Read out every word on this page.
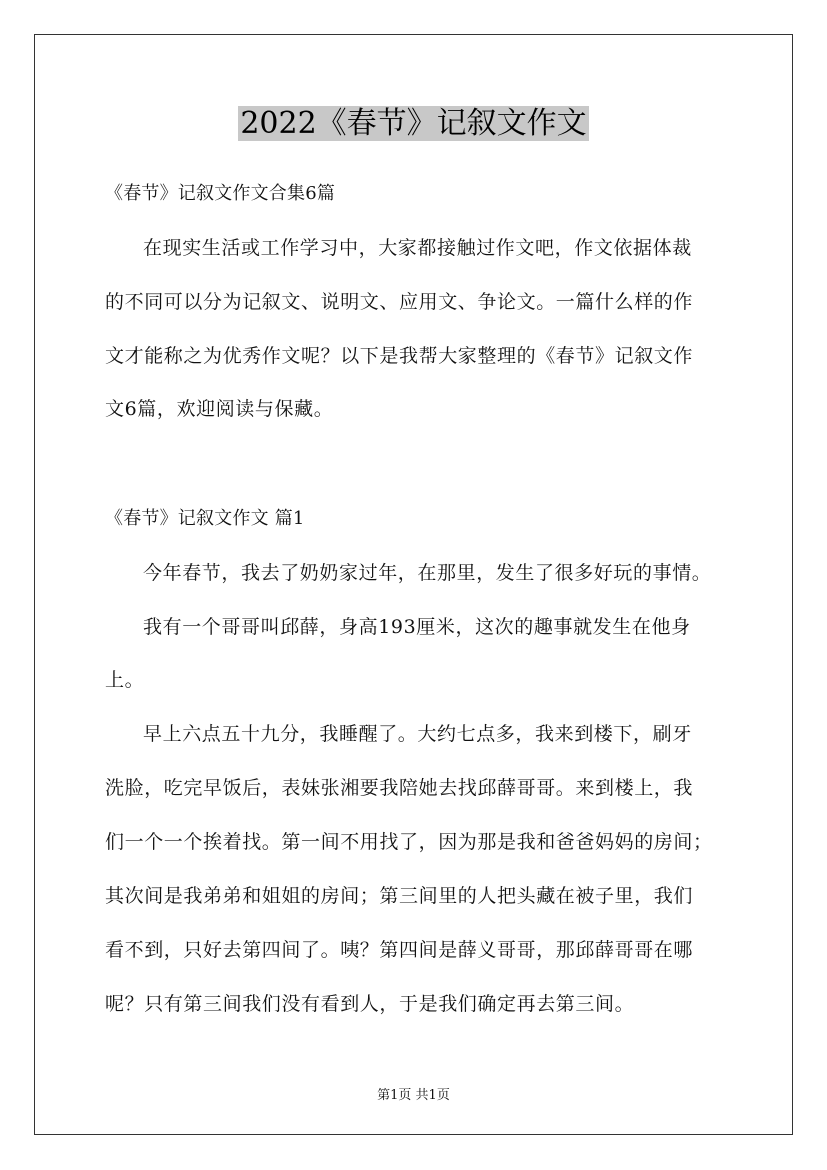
2022《春节》记叙文作文
《春节》记叙文作文合集6篇
在现实生活或工作学习中，大家都接触过作文吧，作文依据体裁
的不同可以分为记叙文、说明文、应用文、争论文。一篇什么样的作
文才能称之为优秀作文呢？以下是我帮大家整理的《春节》记叙文作
文6篇，欢迎阅读与保藏。
《春节》记叙文作文 篇1
今年春节，我去了奶奶家过年，在那里，发生了很多好玩的事情。
我有一个哥哥叫邱薛，身高193厘米，这次的趣事就发生在他身
上。
早上六点五十九分，我睡醒了。大约七点多，我来到楼下，刷牙
洗脸，吃完早饭后，表妹张湘要我陪她去找邱薛哥哥。来到楼上，我
们一个一个挨着找。第一间不用找了，因为那是我和爸爸妈妈的房间；
其次间是我弟弟和姐姐的房间；第三间里的人把头藏在被子里，我们
看不到，只好去第四间了。咦？第四间是薛义哥哥，那邱薛哥哥在哪
呢？只有第三间我们没有看到人，于是我们确定再去第三间。
第1页 共1页
